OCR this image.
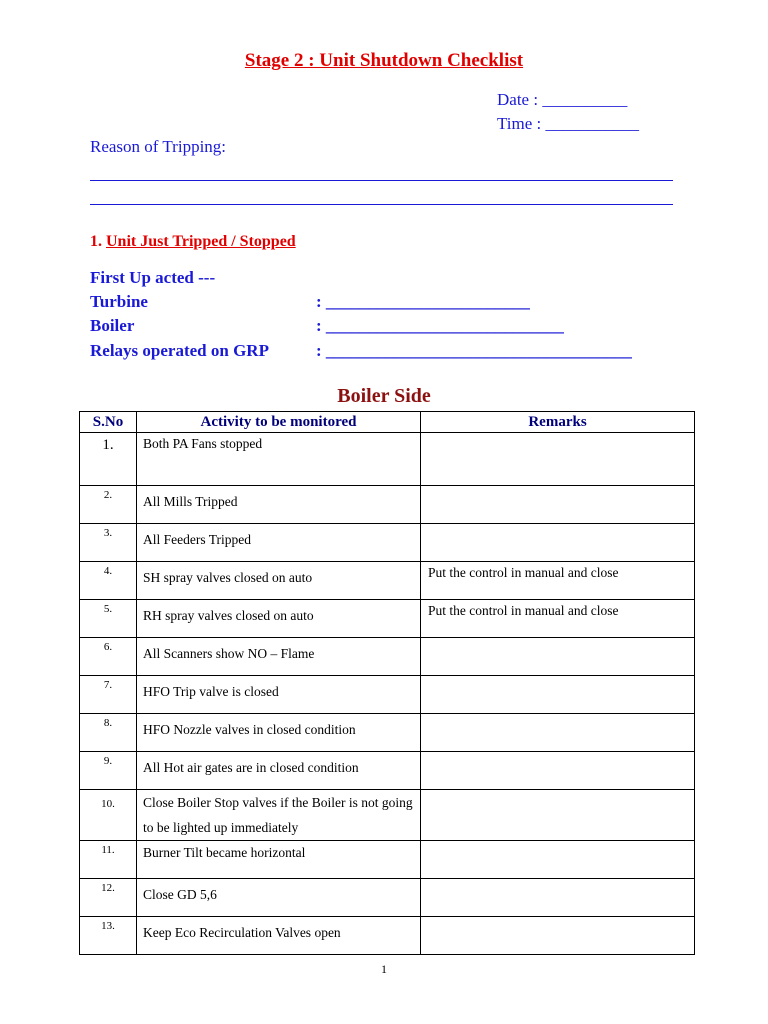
Stage 2 : Unit Shutdown Checklist
Date : __________
Time : ___________
Reason of Tripping:
1. Unit Just Tripped / Stopped
First Up acted ---
Turbine	: ________________________
Boiler	: ____________________________
Relays operated on GRP	: ____________________________________
Boiler Side
S.No	Activity to be monitored	Remarks
1.	Both PA Fans stopped	
2.	All Mills Tripped	
3.	All Feeders Tripped	
4.	SH spray valves closed on auto	Put the control in manual and close
5.	RH spray valves closed on auto	Put the control in manual and close
6.	All Scanners show NO – Flame	
7.	HFO Trip valve is closed	
8.	HFO Nozzle valves in closed condition	
9.	All Hot air gates are in closed condition	
10.	Close Boiler Stop valves if the Boiler is not going to be lighted up immediately	
11.	Burner Tilt became horizontal	
12.	Close GD 5,6	
13.	Keep Eco Recirculation Valves open	
1
